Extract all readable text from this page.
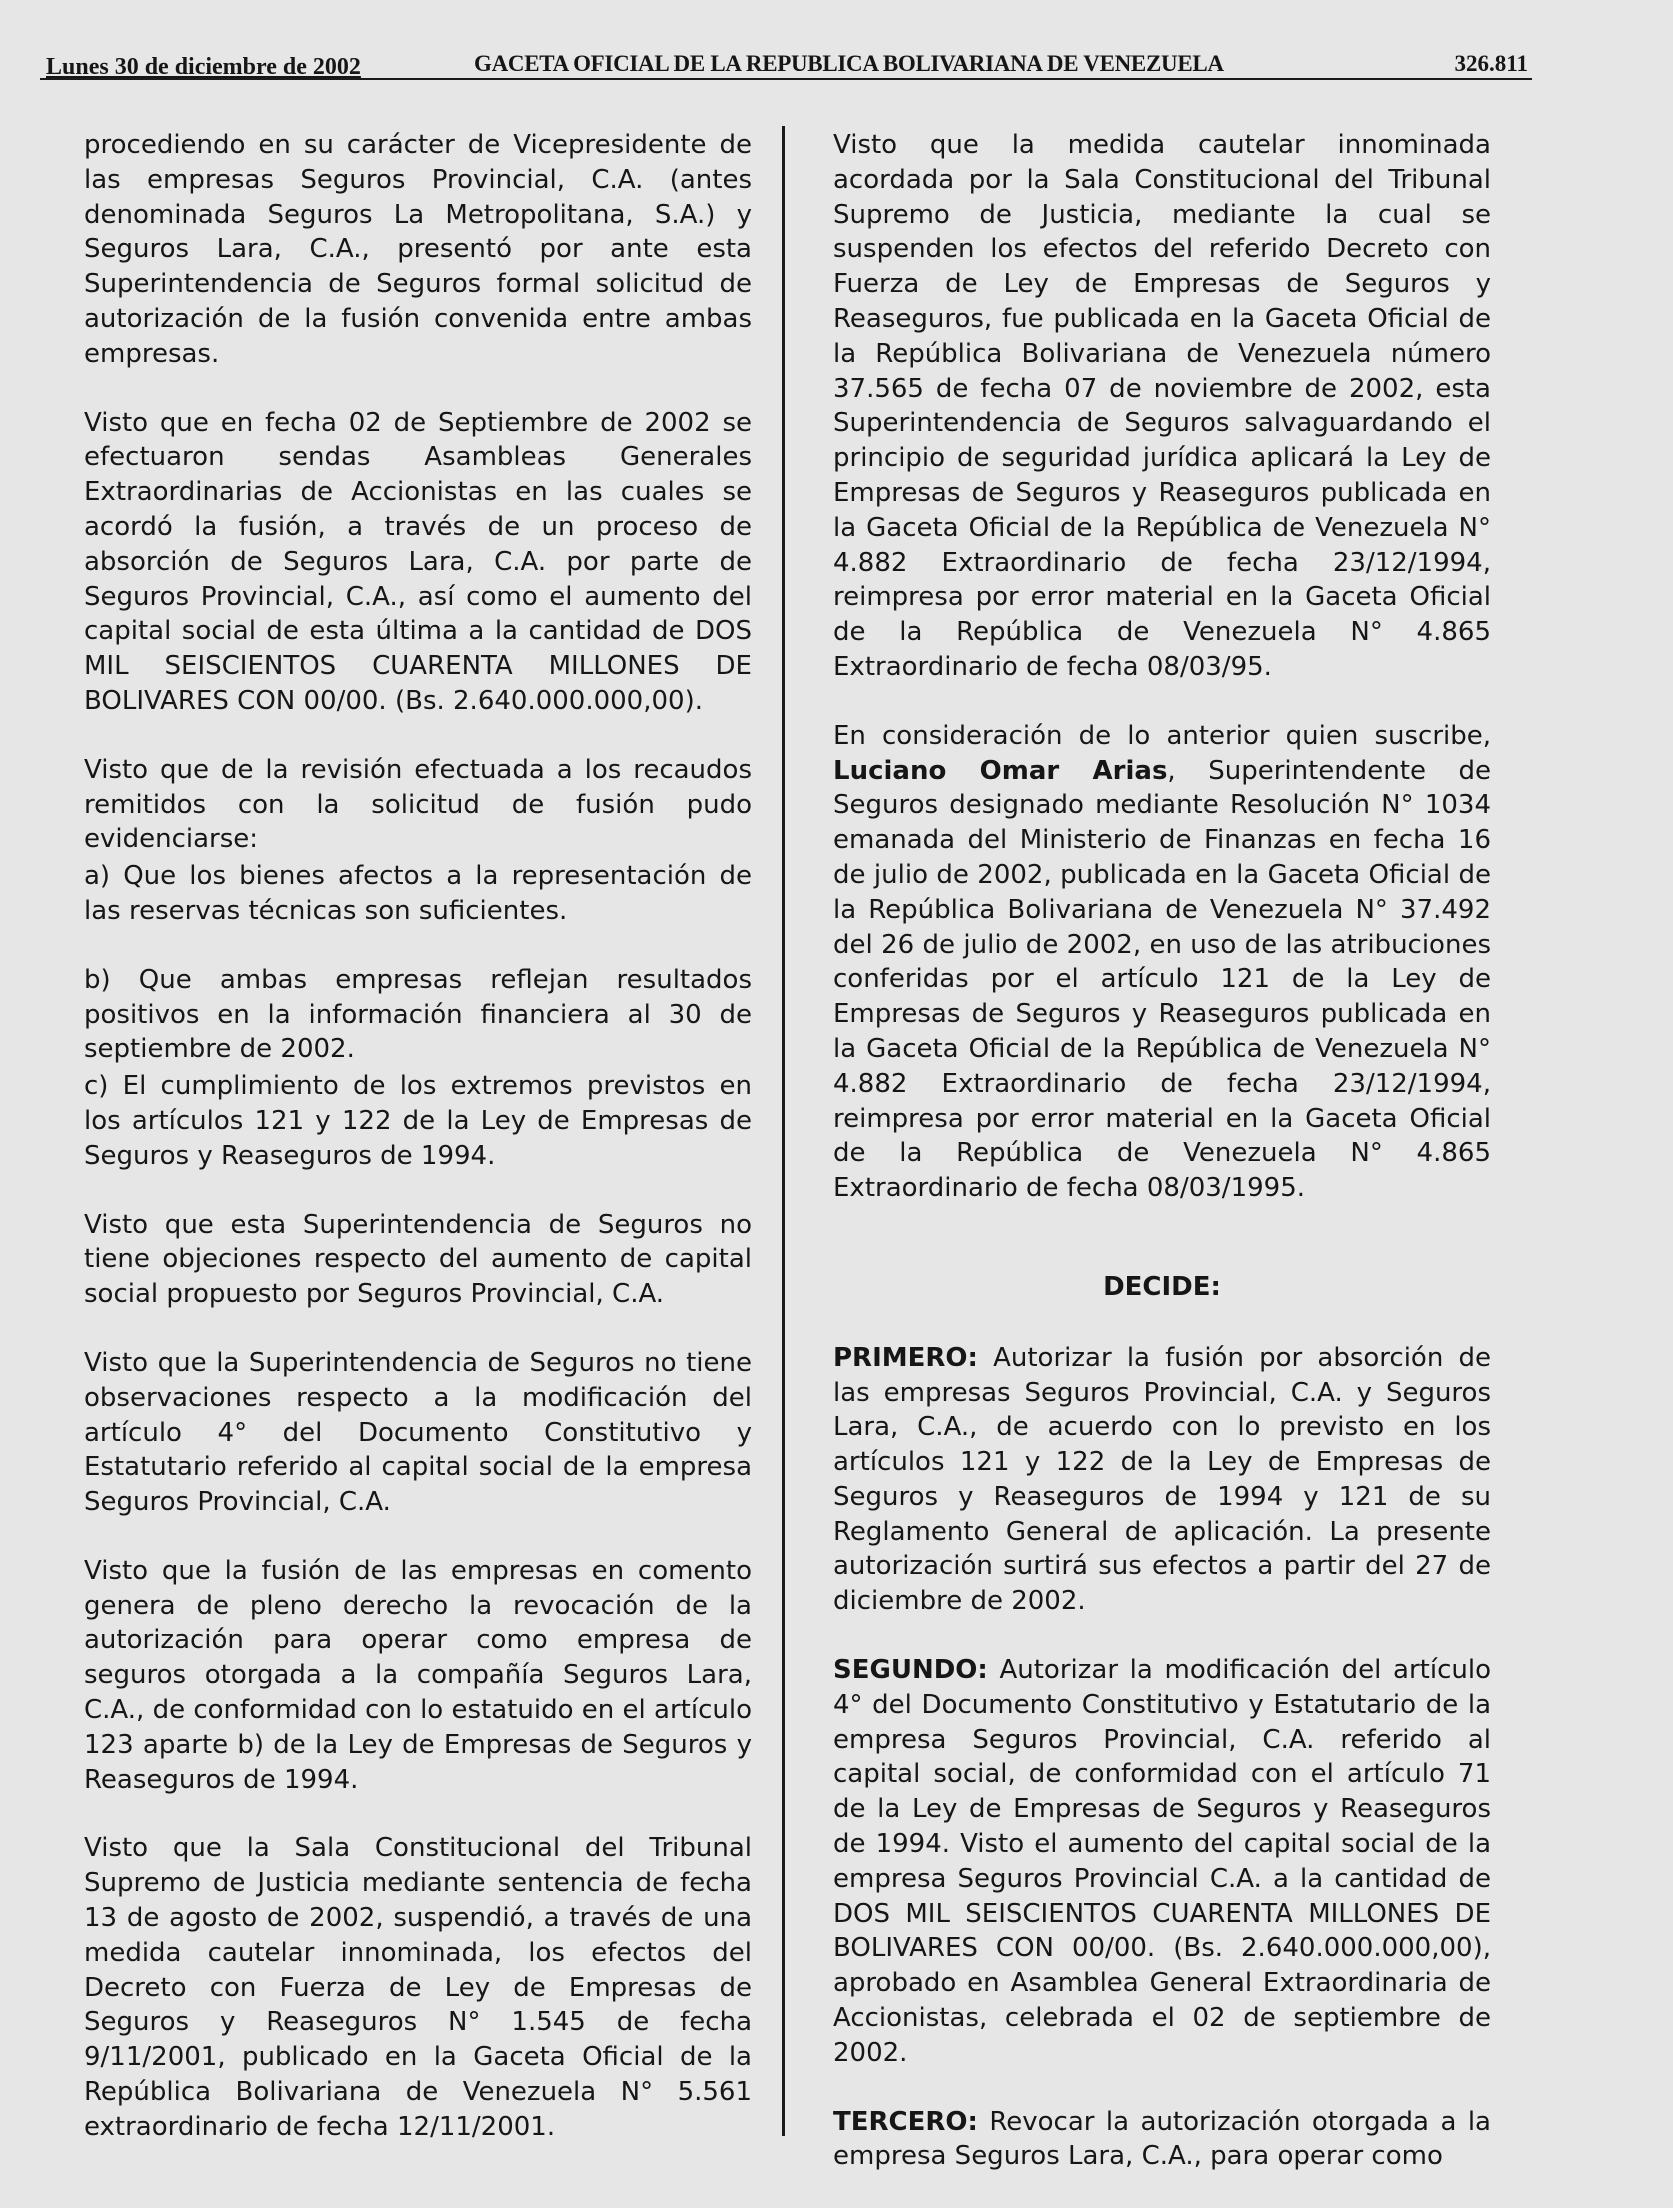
Lunes 30 de diciembre de 2002	GACETA OFICIAL DE LA REPUBLICA BOLIVARIANA DE VENEZUELA	326.811

procediendo en su carácter de Vicepresidente de las empresas Seguros Provincial, C.A. (antes denominada Seguros La Metropolitana, S.A.) y Seguros Lara, C.A., presentó por ante esta Superintendencia de Seguros formal solicitud de autorización de la fusión convenida entre ambas empresas.

Visto que en fecha 02 de Septiembre de 2002 se efectuaron sendas Asambleas Generales Extraordinarias de Accionistas en las cuales se acordó la fusión, a través de un proceso de absorción de Seguros Lara, C.A. por parte de Seguros Provincial, C.A., así como el aumento del capital social de esta última a la cantidad de DOS MIL SEISCIENTOS CUARENTA MILLONES DE BOLIVARES CON 00/00. (Bs. 2.640.000.000,00).

Visto que de la revisión efectuada a los recaudos remitidos con la solicitud de fusión pudo evidenciarse:

a) Que los bienes afectos a la representación de las reservas técnicas son suficientes.

b) Que ambas empresas reflejan resultados positivos en la información financiera al 30 de septiembre de 2002.

c) El cumplimiento de los extremos previstos en los artículos 121 y 122 de la Ley de Empresas de Seguros y Reaseguros de 1994.

Visto que esta Superintendencia de Seguros no tiene objeciones respecto del aumento de capital social propuesto por Seguros Provincial, C.A.

Visto que la Superintendencia de Seguros no tiene observaciones respecto a la modificación del artículo 4° del Documento Constitutivo y Estatutario referido al capital social de la empresa Seguros Provincial, C.A.

Visto que la fusión de las empresas en comento genera de pleno derecho la revocación de la autorización para operar como empresa de seguros otorgada a la compañía Seguros Lara, C.A., de conformidad con lo estatuido en el artículo 123 aparte b) de la Ley de Empresas de Seguros y Reaseguros de 1994.

Visto que la Sala Constitucional del Tribunal Supremo de Justicia mediante sentencia de fecha 13 de agosto de 2002, suspendió, a través de una medida cautelar innominada, los efectos del Decreto con Fuerza de Ley de Empresas de Seguros y Reaseguros N° 1.545 de fecha 9/11/2001, publicado en la Gaceta Oficial de la República Bolivariana de Venezuela N° 5.561 extraordinario de fecha 12/11/2001.

Visto que la medida cautelar innominada acordada por la Sala Constitucional del Tribunal Supremo de Justicia, mediante la cual se suspenden los efectos del referido Decreto con Fuerza de Ley de Empresas de Seguros y Reaseguros, fue publicada en la Gaceta Oficial de la República Bolivariana de Venezuela número 37.565 de fecha 07 de noviembre de 2002, esta Superintendencia de Seguros salvaguardando el principio de seguridad jurídica aplicará la Ley de Empresas de Seguros y Reaseguros publicada en la Gaceta Oficial de la República de Venezuela N° 4.882 Extraordinario de fecha 23/12/1994, reimpresa por error material en la Gaceta Oficial de la República de Venezuela N° 4.865 Extraordinario de fecha 08/03/95.

En consideración de lo anterior quien suscribe, Luciano Omar Arias, Superintendente de Seguros designado mediante Resolución N° 1034 emanada del Ministerio de Finanzas en fecha 16 de julio de 2002, publicada en la Gaceta Oficial de la República Bolivariana de Venezuela N° 37.492 del 26 de julio de 2002, en uso de las atribuciones conferidas por el artículo 121 de la Ley de Empresas de Seguros y Reaseguros publicada en la Gaceta Oficial de la República de Venezuela N° 4.882 Extraordinario de fecha 23/12/1994, reimpresa por error material en la Gaceta Oficial de la República de Venezuela N° 4.865 Extraordinario de fecha 08/03/1995.

DECIDE:

PRIMERO: Autorizar la fusión por absorción de las empresas Seguros Provincial, C.A. y Seguros Lara, C.A., de acuerdo con lo previsto en los artículos 121 y 122 de la Ley de Empresas de Seguros y Reaseguros de 1994 y 121 de su Reglamento General de aplicación. La presente autorización surtirá sus efectos a partir del 27 de diciembre de 2002.

SEGUNDO: Autorizar la modificación del artículo 4° del Documento Constitutivo y Estatutario de la empresa Seguros Provincial, C.A. referido al capital social, de conformidad con el artículo 71 de la Ley de Empresas de Seguros y Reaseguros de 1994. Visto el aumento del capital social de la empresa Seguros Provincial C.A. a la cantidad de DOS MIL SEISCIENTOS CUARENTA MILLONES DE BOLIVARES CON 00/00. (Bs. 2.640.000.000,00), aprobado en Asamblea General Extraordinaria de Accionistas, celebrada el 02 de septiembre de 2002.

TERCERO: Revocar la autorización otorgada a la empresa Seguros Lara, C.A., para operar como
